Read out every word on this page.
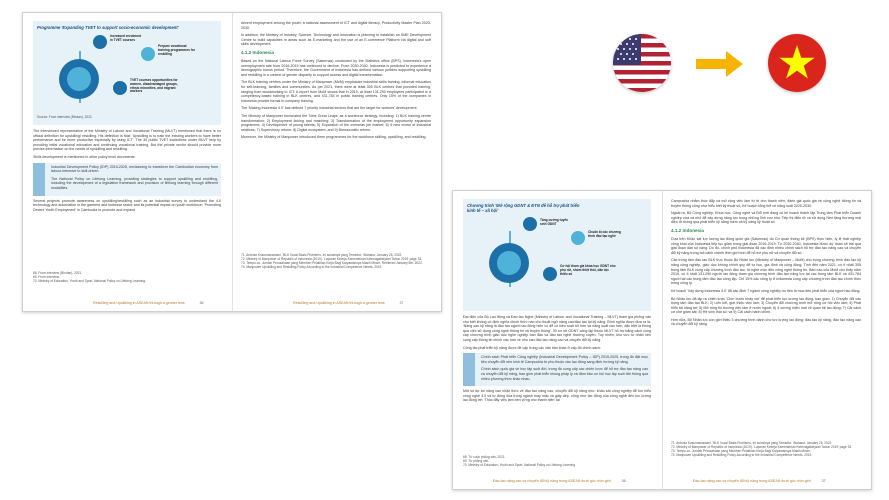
Programme 'Expanding TVET to support socio-economic development'
Increased enrolment in TVET courses
Prepare vocational training programmes for reskilling
TVET courses opportunities for women, disadvantaged groups, ethnic minorities, and migrant workers
Source: From interview (Bhutan), 2021.

The interviewed representative of the Ministry of Labour and Vocational Training (MLVT) mentioned that there is no official definition for upskilling/ reskilling. His definition is that: 'Upskilling is to train the existing workers to have better performance and be more productive especially by using ICT'. The 30 public TVET institutions under MLVT help by providing initial vocational education and continuing vocational training. But the private sector should provide more precise information on the needs of upskilling and reskilling.

Skills development is mentioned in other policy level documents:

Industrial Development Policy (IDP) 2015-2025, envisioning to transform the Cambodian economy from labour-intensive to skill-driven.

The National Policy on Lifelong Learning, providing strategies to support upskilling and reskilling, including the development of a legislative framework and provision of lifelong learning through different modalities.

Several projects promote awareness on upskilling/reskilling such as an industrial survey to understand the 4.0 technology and automation in the garment and footwear sector and its potential impact on youth workforce; 'Promoting Decent Youth Employment' in Cambodia to promote and expand

68. From interview (Bhutan), 2021.
69. From interview.
70. Ministry of Education, Youth and Sport. National Policy on Lifelong Learning.
Reskilling and Upskilling in ASEAN through a gender lens	36

decent employment among the youth; a national assessment of ICT and digital literacy, Productivity Master Plan 2020-2030.

In addition, the Ministry of Industry, Science, Technology and Innovation is planning to establish an SME Development Centre to build capacities in areas such as E-marketing and the use of an E-commerce Platform via digital and soft skills development.

4.1.2 Indonesia

Based on the National Labour Force Survey (Sakernas) conducted by the Statistics office (BPS), Indonesia's open unemployment rate from 2016-2019 has continued to decline. From 2030-2040, Indonesia is predicted to experience a demographic bonus period. Therefore, the Government of Indonesia has defined various policies supporting upskilling and reskilling in a context of gender disparity to support access and digital transformation.

The BLK training centres under the Ministry of Manpower (MoM) emphasize industrial skills training, informal education for self-learning, families and communities. As per 2021, there were at least 305 BLK centres that provided training, ranging from woodworking to ICT. A report from MoM shows that in 2019, at least 131,290 employees participated in a competency-based training in BLK centres, and 431,784 in public training centres. Only 15% of the companies in Indonesia provide formal in-company training.

The 'Making Indonesia 4.0' has defined 7 priority industrial sectors that are the target for workers' development.

The Ministry of Manpower formulated the 'Nine Great Leaps' as a workforce strategy, including: 1) BLK training centre transformation; 2) Employment linking and matching; 3) Transformation of the employment opportunity expansion programme; 4) Development of young talents; 5) Expansion of the overseas job market; 6) 4 new crown of industrial relations; 7) Supervisory reform; 8) Digital ecosystem; and 9) Bureaucratic reform.

Moreover, the Ministry of Manpower introduced three programmes for the workforce skilling, upskilling, and reskilling.

71. Antonia Kusumawardani. 'BLK Vocal Basis Problems, Ini solusinya yang Tersedia'. Wahana, January 26, 2022.
72. Ministry of Manpower of Republic of Indonesia (2019). 'Laporan Kinerja Kementerian Ketenagakerjaan Tahun 2019' page 33.
73. Tempo.co. Jumlah Perusahaan yang Memberi Pelatihan Kerja Bagi Karyawannya Masih Minim. Retrieved January 5th, 2022.
74. Manpower Upskilling and Reskilling Policy According to the Industrial Competence Needs, 2019.
Reskilling and Upskilling in ASEAN through a gender lens	37
Chương trình 'Mở rộng GDNT & ĐTN để hỗ trợ phát triển kinh tế – xã hội'
Tăng cường tuyển sinh GDNT
Chuẩn bị các chương trình đào tạo nghề
Cơ hội tham gia khóa học GDNT cho phụ nữ, nhóm thiệt thòi, dân tộc thiểu số

Đại diện của Bộ Lao động và Đào tạo Nghề (Ministry of Labour and Vocational Training – MLVT) tham gia phỏng vấn cho biết không có định nghĩa chính thức nào cho thuật ngữ nâng cao/đào tạo lại kỹ năng. Định nghĩa được đưa ra là: 'Nâng cao kỹ năng là đào tạo người lao động hiện có để có hiệu suất tốt hơn và năng suất cao hơn, đặc biệt là thông qua việc sử dụng công nghệ thông tin và truyền thông'. 30 cơ sở GDNT công lập thuộc MLVT hỗ trợ bằng cách cung cấp chương trình giáo dục nghề nghiệp ban đầu và đào tạo nghề thường xuyên. Tuy nhiên, khu vực tư nhân nên cung cấp thông tin chính xác hơn về nhu cầu đào tạo nâng cao và chuyển đổi kỹ năng.

Công tác phát triển kỹ năng được đề cập trong các văn bản khác ở cấp độ chính sách:

Chính sách Phát triển Công nghiệp (Industrial Development Policy – IDP) 2015-2025, trong đó đặt mục tiêu chuyển đổi nền kinh tế Campuchia từ phụ thuộc vào lao động sang định hướng kỹ năng.

Chính sách quốc gia về học tập suốt đời, trong đó cung cấp các chiến lược để hỗ trợ đào tạo nâng cao và chuyển đổi kỹ năng, bao gồm phát triển khung pháp lý và đảm bảo cơ hội học tập suốt đời thông qua nhiều phương thức khác nhau.

Một số dự án nâng cao nhận thức về đào tạo nâng cao, chuyển đổi kỹ năng như: khảo sát công nghiệp để tìm hiểu công nghệ 4.0 và tự động hóa trong ngành may mặc và giày dép, cũng như tác động của công nghệ đến lực lượng lao động trẻ; 'Thúc đẩy việc làm bền vững cho thanh niên' tại

68. Từ cuộc phỏng vấn, 2021.
69. Từ phỏng vấn.
70. Ministry of Education, Youth and Sport. National Policy on Lifelong Learning.
Đào tạo nâng cao và chuyển đổi kỹ năng trong ASEAN dưới góc nhìn giới	36

Campuchia nhằm thúc đẩy và mở rộng việc làm từ tế cho thanh niên; đánh giá quốc gia về công nghệ thông tin và truyền thông cũng như hiểu biết kỹ thuật số, Kế hoạch tổng thể về năng suất 2020-2030.

Ngoài ra, Bộ Công nghiệp, Khoa học, Công nghệ và Đổi mới đang có kế hoạch thành lập Trung tâm Phát triển Doanh nghiệp vừa và nhỏ để xây dựng năng lực trong những lĩnh vực như Tiếp thị điện tử và sử dụng Nền tảng thương mại điện tử thông qua phát triển kỹ năng mềm và kỹ năng kỹ thuật số.

4.1.2 Indonesia

Dựa trên Khảo sát lực lượng lao động quốc gia (Sakernas) do Cơ quan thống kê (BPS) thực hiện, tỷ lệ thất nghiệp công khai của Indonesia tiếp tục giảm trong giai đoạn 2016-2019. Từ 2030-2040, Indonesia được dự đoán sẽ trải qua giai đoạn dân số vàng. Do đó, chính phủ Indonesia đã xác định nhiều chính sách hỗ trợ đào tạo nâng cao và chuyển đổi kỹ năng trong bối cảnh chênh lệch giới tính để hỗ trợ phụ nữ và chuyển đổi số.

Các trung tâm đào tạo BLK trực thuộc Bộ Nhân lực (Ministry of Manpower – MoM) chú trọng chương trình đào tạo kỹ năng công nghiệp, giáo dục không chính quy để tự học, gia đình và cộng đồng. Tính đến năm 2021, có ít nhất 305 trung tâm BLK cung cấp chương trình đào tạo, từ nghề mộc đến công nghệ thông tin. Báo cáo của MoM cho thấy năm 2019, có ít nhất 131.290 người lao động tham gia chương trình đào tạo năng lực tại các trung tâm BLK và 431.784 người tại các trung tâm đào tạo công lập. Chỉ 15% các công ty ở Indonesia cung cấp chương trình đào tạo chính thức trong công ty.

Kế hoạch 'Xây dựng Indonesia 4.0' đã xác định 7 ngành công nghiệp ưu tiên là mục tiêu phát triển của người lao động.

Bộ Nhân lực đã lập ra chiến lược 'Chín bước nhảy vọt' để phát triển lực lượng lao động, bao gồm: 1) Chuyển đổi các trung tâm đào tạo BLK; 2) Liên kết, giới thiệu việc làm; 3) Chuyển đổi chương trình mở rộng cơ hội việc làm; 4) Phát triển tài năng trẻ; 5) Mở rộng thị trường việc làm ở nước ngoài; 6) 4 vương miện mới về quan hệ lao động; 7) Cải cách cơ chế giám sát; 8) Hệ sinh thái số; và 9) Cải cách hành chính.

Hơn nữa, Bộ Nhân lực còn giới thiệu 3 chương trình dành cho lực lượng lao động: đào tạo kỹ năng, đào tạo nâng cao và chuyển đổi kỹ năng.

71. Antonia Kusumawardani. 'BLK Vocal Basis Problems, Ini solusinya yang Tersedia'. Wahana, January 26, 2022.
72. Ministry of Manpower of Republic of Indonesia (2019). 'Laporan Kinerja Kementerian Ketenagakerjaan Tahun 2019' page 33.
73. Tempo.co. Jumlah Perusahaan yang Memberi Pelatihan Kerja Bagi Karyawannya Masih Minim.
74. Manpower Upskilling and Reskilling Policy According to the Industrial Competence Needs, 2019.
Đào tạo nâng cao và chuyển đổi kỹ năng trong ASEAN dưới góc nhìn giới	37
